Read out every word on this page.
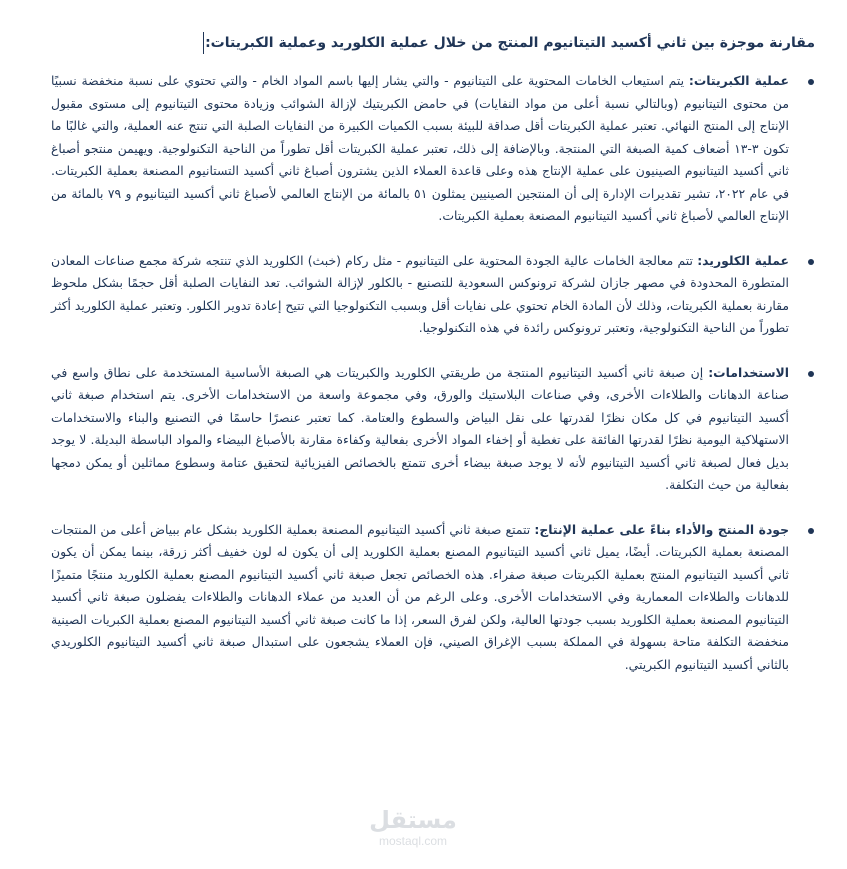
مقارنة موجزة بين ثاني أكسيد التيتانيوم المنتج من خلال عملية الكلوريد وعملية الكبريتات:
عملية الكبريتات: يتم استيعاب الخامات المحتوية على التيتانيوم - والتي يشار إليها باسم المواد الخام - والتي تحتوي على نسبة منخفضة نسبيًا من محتوى التيتانيوم (وبالتالي نسبة أعلى من مواد النفايات) في حامض الكبريتيك لإزالة الشوائب وزيادة محتوى التيتانيوم إلى مستوى مقبول الإنتاج إلى المنتج النهائي. تعتبر عملية الكبريتات أقل صداقة للبيئة بسبب الكميات الكبيرة من النفايات الصلبة التي تنتج عنه العملية، والتي غالبًا ما تكون ٣-١٣ أضعاف كمية الصبغة التي المنتجة. وبالإضافة إلى ذلك، تعتبر عملية الكبريتات أقل تطوراً من الناحية التكنولوجية. ويهيمن منتجو أصباغ ثاني أكسيد التيتانيوم الصينيون على عملية الإنتاج هذه وعلى قاعدة العملاء الذين يشترون أصباغ ثاني أكسيد التستانيوم المصنعة بعملية الكبريتات. في عام ٢٠٢٢، تشير تقديرات الإدارة إلى أن المنتجين الصينيين يمثلون ٥١ بالمائة من الإنتاج العالمي لأصباغ ثاني أكسيد التيتانيوم و ٧٩ بالمائة من الإنتاج العالمي لأصباغ ثاني أكسيد التيتانيوم المصنعة بعملية الكبريتات.
عملية الكلوريد: تتم معالجة الخامات عالية الجودة المحتوية على التيتانيوم - مثل ركام (خبث) الكلوريد الذي تنتجه شركة مجمع صناعات المعادن المتطورة المحدودة في مصهر جازان لشركة ترونوكس السعودية للتصنيع - بالكلور لإزالة الشوائب. تعد النفايات الصلبة أقل حجمًا بشكل ملحوظ مقارنة بعملية الكبريتات، وذلك لأن المادة الخام تحتوي على نفايات أقل وبسبب التكنولوجيا التي تتيح إعادة تدوير الكلور. وتعتبر عملية الكلوريد أكثر تطوراً من الناحية التكنولوجية، وتعتبر ترونوكس رائدة في هذه التكنولوجيا.
الاستخدامات: إن صبغة ثاني أكسيد التيتانيوم المنتجة من طريقتي الكلوريد والكبريتات هي الصبغة الأساسية المستخدمة على نطاق واسع في صناعة الدهانات والطلاءات الأخرى، وفي صناعات البلاستيك والورق، وفي مجموعة واسعة من الاستخدامات الأخرى. يتم استخدام صبغة ثاني أكسيد التيتانيوم في كل مكان نظرًا لقدرتها على نقل البياض والسطوع والعتامة. كما تعتبر عنصرًا حاسمًا في التصنيع والبناء والاستخدامات الاستهلاكية اليومية نظرًا لقدرتها الفائقة على تغطية أو إخفاء المواد الأخرى بفعالية وكفاءة مقارنة بالأصباغ البيضاء والمواد الباسطة البديلة. لا يوجد بديل فعال لصبغة ثاني أكسيد التيتانيوم لأنه لا يوجد صبغة بيضاء أخرى تتمتع بالخصائص الفيزيائية لتحقيق عتامة وسطوع مماثلين أو يمكن دمجها بفعالية من حيث التكلفة.
جودة المنتج والأداء بناءً على عملية الإنتاج: تتمتع صبغة ثاني أكسيد التيتانيوم المصنعة بعملية الكلوريد بشكل عام ببياض أعلى من المنتجات المصنعة بعملية الكبريتات. أيضًا، يميل ثاني أكسيد التيتانيوم المصنع بعملية الكلوريد إلى أن يكون له لون خفيف أكثر زرقة، بينما يمكن أن يكون ثاني أكسيد التيتانيوم المنتج بعملية الكبريتات صبغة صفراء. هذه الخصائص تجعل صبغة ثاني أكسيد التيتانيوم المصنع بعملية الكلوريد منتجًا متميزًا للدهانات والطلاءات المعمارية وفي الاستخدامات الأخرى. وعلى الرغم من أن العديد من عملاء الدهانات والطلاءات يفضلون صبغة ثاني أكسيد التيتانيوم المصنعة بعملية الكلوريد بسبب جودتها العالية، ولكن لفرق السعر، إذا ما كانت صبغة ثاني أكسيد التيتانيوم المصنع بعملية الكبريات الصينية منخفضة التكلفة متاحة بسهولة في المملكة بسبب الإغراق الصيني، فإن العملاء يشجعون على استبدال صبغة ثاني أكسيد التيتانيوم الكلوريدي بالثاني أكسيد التيتانيوم الكبريتي.
مستقل
mostaql.com
